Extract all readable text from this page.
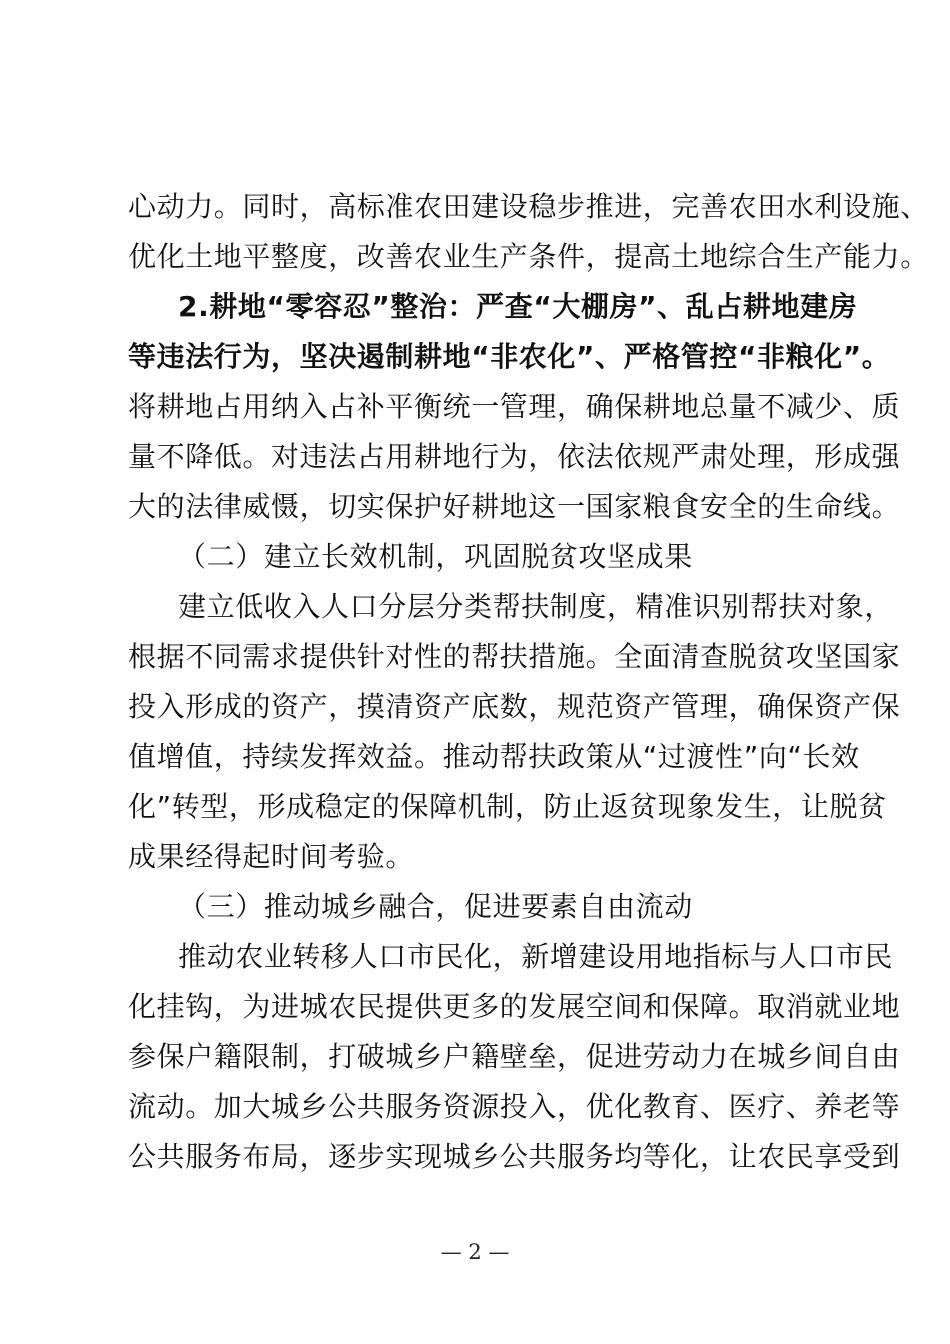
心动力。同时，高标准农田建设稳步推进，完善农田水利设施、
优化土地平整度，改善农业生产条件，提高土地综合生产能力。
2.耕地“零容忍”整治：严查“大棚房”、乱占耕地建房
等违法行为，坚决遏制耕地“非农化”、严格管控“非粮化”。
将耕地占用纳入占补平衡统一管理，确保耕地总量不减少、质
量不降低。对违法占用耕地行为，依法依规严肃处理，形成强
大的法律威慑，切实保护好耕地这一国家粮食安全的生命线。
（二）建立长效机制，巩固脱贫攻坚成果
建立低收入人口分层分类帮扶制度，精准识别帮扶对象，
根据不同需求提供针对性的帮扶措施。全面清查脱贫攻坚国家
投入形成的资产，摸清资产底数，规范资产管理，确保资产保
值增值，持续发挥效益。推动帮扶政策从“过渡性”向“长效
化”转型，形成稳定的保障机制，防止返贫现象发生，让脱贫
成果经得起时间考验。
（三）推动城乡融合，促进要素自由流动
推动农业转移人口市民化，新增建设用地指标与人口市民
化挂钩，为进城农民提供更多的发展空间和保障。取消就业地
参保户籍限制，打破城乡户籍壁垒，促进劳动力在城乡间自由
流动。加大城乡公共服务资源投入，优化教育、医疗、养老等
公共服务布局，逐步实现城乡公共服务均等化，让农民享受到
— 2 —
